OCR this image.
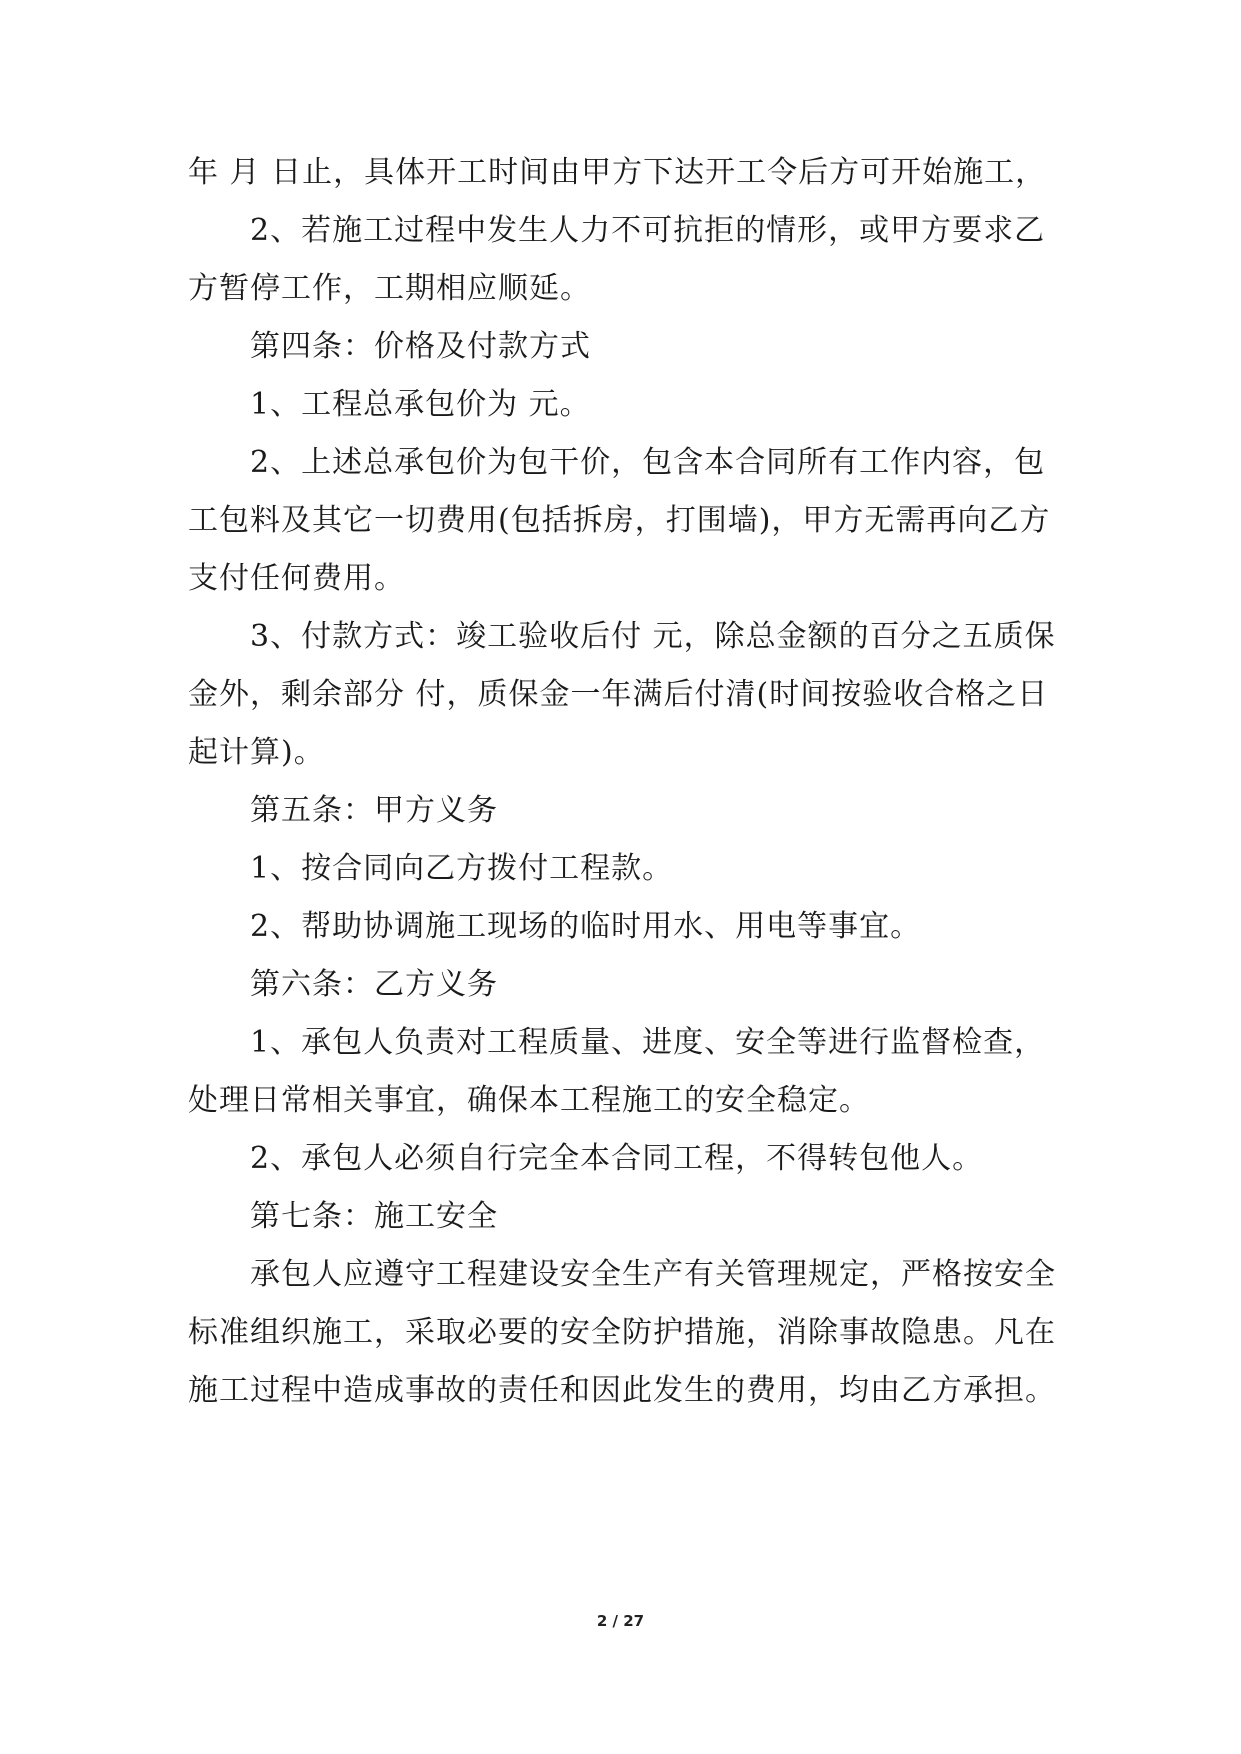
年 月 日止，具体开工时间由甲方下达开工令后方可开始施工，
2、若施工过程中发生人力不可抗拒的情形，或甲方要求乙
方暂停工作，工期相应顺延。
第四条：价格及付款方式
1、工程总承包价为 元。
2、上述总承包价为包干价，包含本合同所有工作内容，包
工包料及其它一切费用(包括拆房，打围墙)，甲方无需再向乙方
支付任何费用。
3、付款方式：竣工验收后付 元，除总金额的百分之五质保
金外，剩余部分 付，质保金一年满后付清(时间按验收合格之日
起计算)。
第五条：甲方义务
1、按合同向乙方拨付工程款。
2、帮助协调施工现场的临时用水、用电等事宜。
第六条：乙方义务
1、承包人负责对工程质量、进度、安全等进行监督检查，
处理日常相关事宜，确保本工程施工的安全稳定。
2、承包人必须自行完全本合同工程，不得转包他人。
第七条：施工安全
承包人应遵守工程建设安全生产有关管理规定，严格按安全
标准组织施工，采取必要的安全防护措施，消除事故隐患。凡在
施工过程中造成事故的责任和因此发生的费用，均由乙方承担。
2 / 27
